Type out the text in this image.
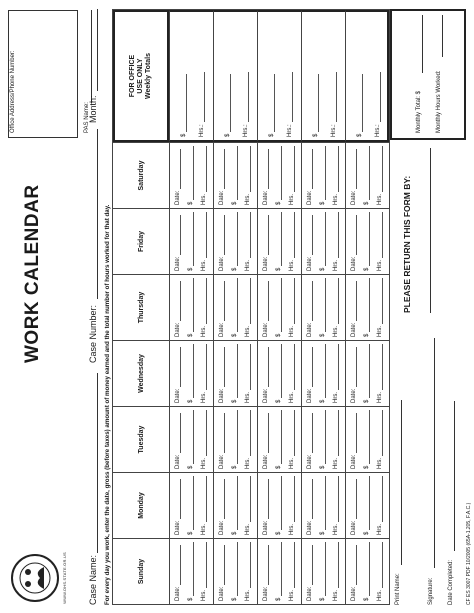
WWW.DHS.STATE.OR.US
WORK CALENDAR
Office Address/Phone Number:	PAS Name:
Case Name:
Case Number:
Month:
For every day you work, enter the date, gross (before taxes) amount of money earned and the total number of hours worked for that day.	Sunday
Monday
Tuesday
Wednesday
Thursday
Friday
Saturday
FOR OFFICE USE ONLY Weekly Totals
Date: $ Hrs.
Date: $ Hrs.
Date: $ Hrs.
Date: $ Hrs.
Date: $ Hrs.
Date: $ Hrs.
Date: $ Hrs.
$ Hrs.:
Date: $ Hrs.
Date: $ Hrs.
Date: $ Hrs.
Date: $ Hrs.
Date: $ Hrs.
Date: $ Hrs.
Date: $ Hrs.
$ Hrs.:
Date: $ Hrs.
Date: $ Hrs.
Date: $ Hrs.
Date: $ Hrs.
Date: $ Hrs.
Date: $ Hrs.
Date: $ Hrs.
$ Hrs.:
Date: $ Hrs.
Date: $ Hrs.
Date: $ Hrs.
Date: $ Hrs.
Date: $ Hrs.
Date: $ Hrs.
Date: $ Hrs.
$ Hrs.:
Date: $ Hrs.
Date: $ Hrs.
Date: $ Hrs.
Date: $ Hrs.
Date: $ Hrs.
Date: $ Hrs.
Date: $ Hrs.
$ Hrs.:
Print Name:	Signature: Date Completed:
PLEASE RETURN THIS FORM BY:
Monthly Total: $ Monthly Hours Worked:
CF ES 3007 PDF 10/2005 (65A-1.205, F.A.C.)
